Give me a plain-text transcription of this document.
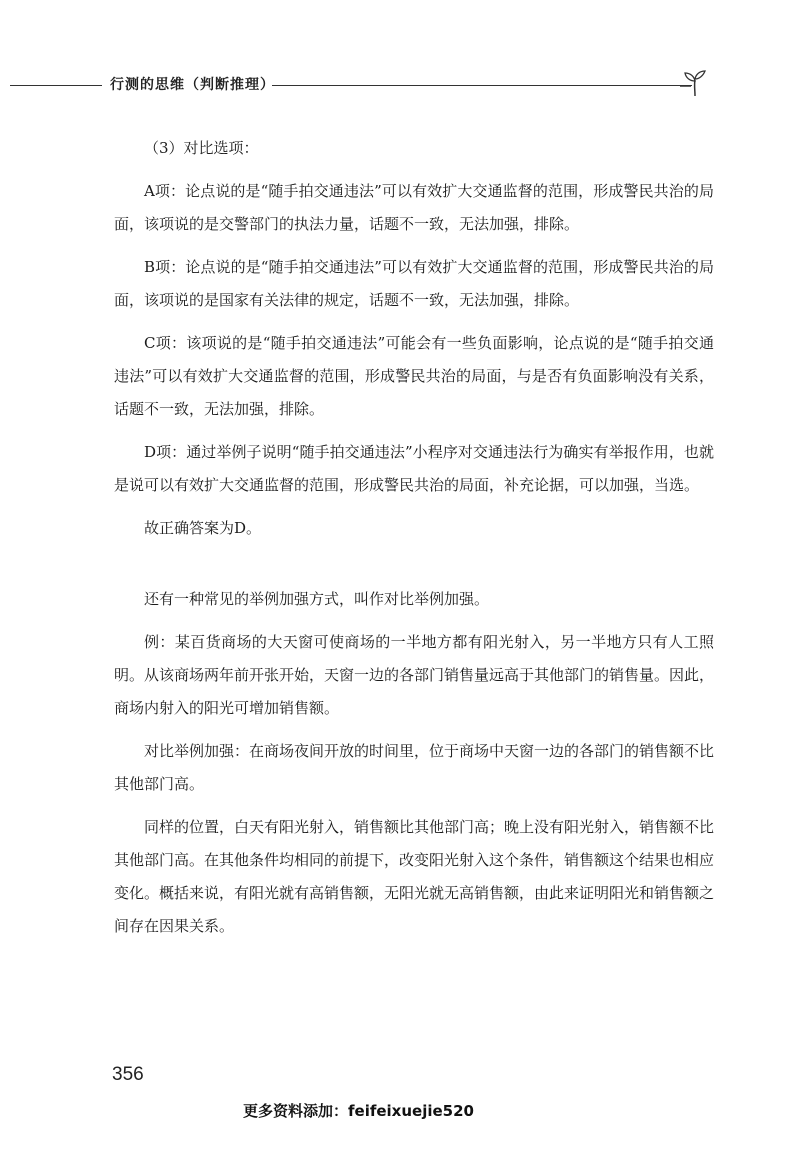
行测的思维（判断推理）

（3）对比选项：

A项：论点说的是“随手拍交通违法”可以有效扩大交通监督的范围，形成警民共治的局面，该项说的是交警部门的执法力量，话题不一致，无法加强，排除。

B项：论点说的是“随手拍交通违法”可以有效扩大交通监督的范围，形成警民共治的局面，该项说的是国家有关法律的规定，话题不一致，无法加强，排除。

C项：该项说的是“随手拍交通违法”可能会有一些负面影响，论点说的是“随手拍交通违法”可以有效扩大交通监督的范围，形成警民共治的局面，与是否有负面影响没有关系，话题不一致，无法加强，排除。

D项：通过举例子说明“随手拍交通违法”小程序对交通违法行为确实有举报作用，也就是说可以有效扩大交通监督的范围，形成警民共治的局面，补充论据，可以加强，当选。

故正确答案为D。

还有一种常见的举例加强方式，叫作对比举例加强。

例：某百货商场的大天窗可使商场的一半地方都有阳光射入，另一半地方只有人工照明。从该商场两年前开张开始，天窗一边的各部门销售量远高于其他部门的销售量。因此，商场内射入的阳光可增加销售额。

对比举例加强：在商场夜间开放的时间里，位于商场中天窗一边的各部门的销售额不比其他部门高。

同样的位置，白天有阳光射入，销售额比其他部门高；晚上没有阳光射入，销售额不比其他部门高。在其他条件均相同的前提下，改变阳光射入这个条件，销售额这个结果也相应变化。概括来说，有阳光就有高销售额，无阳光就无高销售额，由此来证明阳光和销售额之间存在因果关系。

356
更多资料添加：feifeixuejie520
